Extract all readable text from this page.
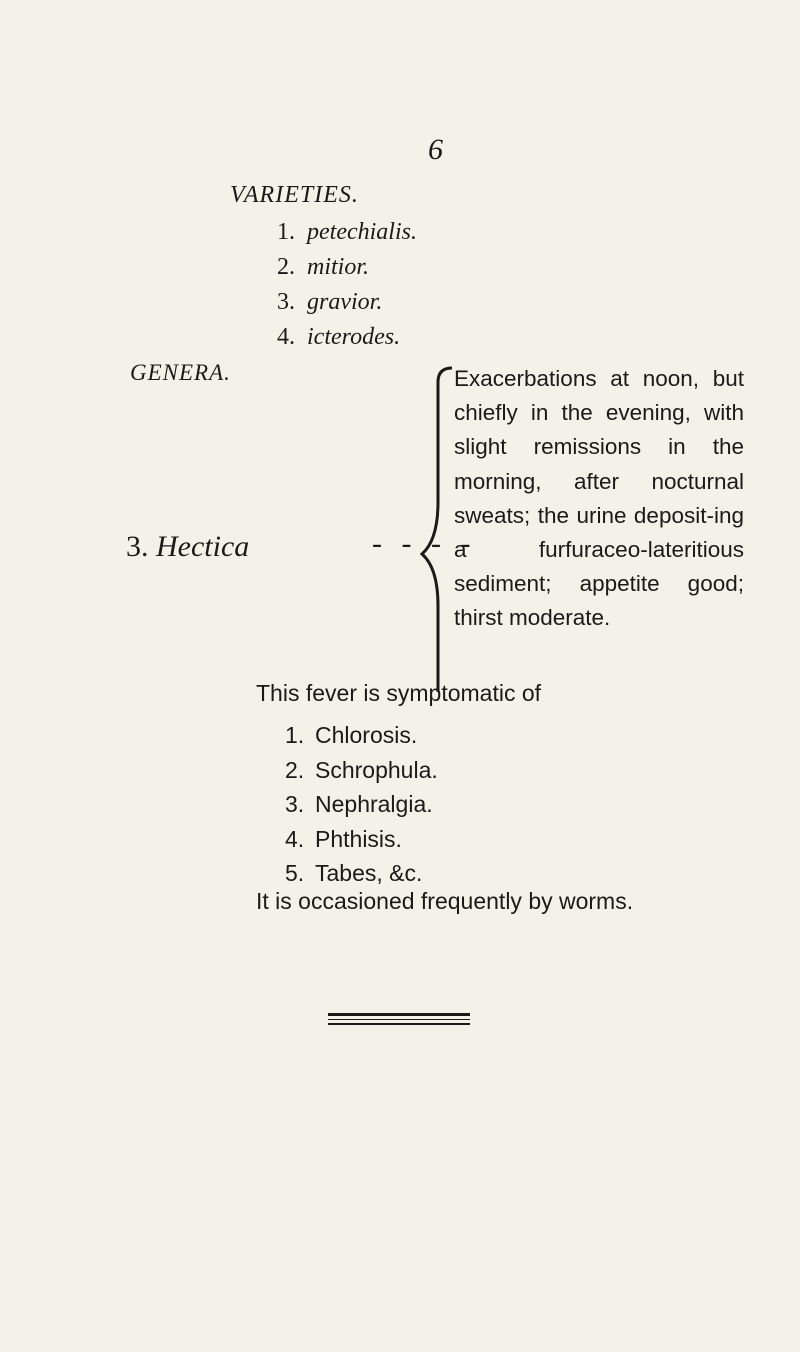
6
VARIETIES.
1. petechialis.
2. mitior.
3. gravior.
4. icterodes.
GENERA.
3. Hectica	- - - -
Exacerbations at noon, but chiefly in the evening, with slight remissions in the morning, after nocturnal sweats; the urine deposit-ing a furfuraceo-lateritious sediment; appetite good; thirst moderate.
This fever is symptomatic of
1. Chlorosis.
2. Schrophula.
3. Nephralgia.
4. Phthisis.
5. Tabes, &c.
It is occasioned frequently by worms.
